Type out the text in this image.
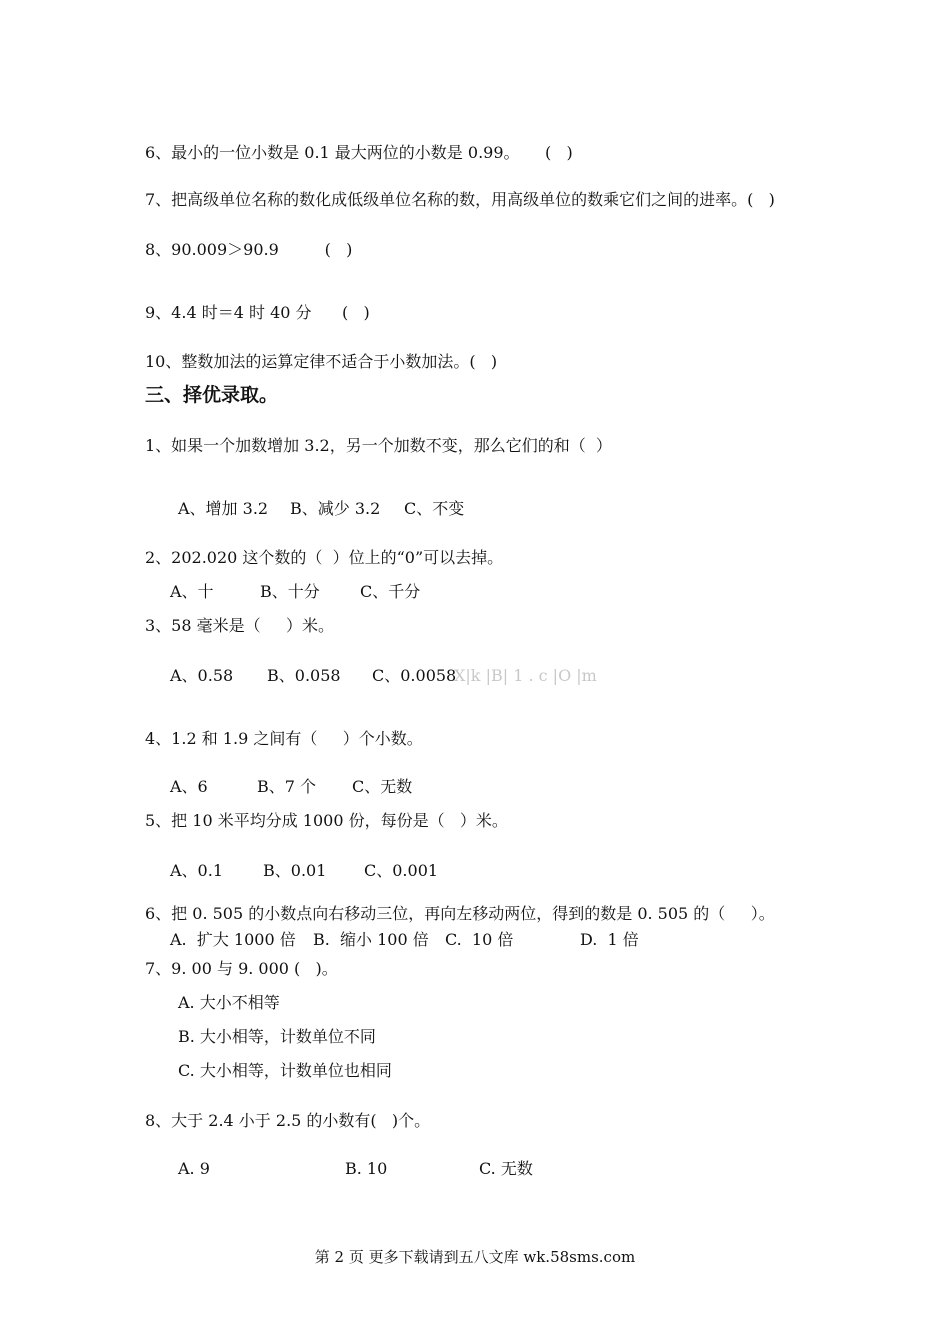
6、最小的一位小数是 0.1 最大两位的小数是 0.99。     (   )
7、把高级单位名称的数化成低级单位名称的数，用高级单位的数乘它们之间的进率。(   )
8、90.009＞90.9         (   )
9、4.4 时＝4 时 40 分      (   )
10、整数加法的运算定律不适合于小数加法。(   )
三、择优录取。
1、如果一个加数增加 3.2，另一个加数不变，那么它们的和（  ）
A、增加 3.2 B、减少 3.2 C、不变
2、202.020 这个数的（  ）位上的“0”可以去掉。
A、十	B、十分	C、千分
3、58 毫米是（     ）米。
A、0.58 B、0.058 C、0.0058
X|k |B| 1 . c |O |m
4、1.2 和 1.9 之间有（     ）个小数。
A、6	B、7 个 C、无数
5、把 10 米平均分成 1000 份，每份是（   ）米。
A、0.1 B、0.01 C、0.001
6、把 0. 505 的小数点向右移动三位，再向左移动两位，得到的数是 0. 505 的（     ）。
A.  扩大 1000 倍 B.  缩小 100 倍 C.  10 倍	D.  1 倍
7、9. 00 与 9. 000 (   )。
A. 大小不相等
B. 大小相等，计数单位不同
C. 大小相等，计数单位也相同
8、大于 2.4 小于 2.5 的小数有(   )个。
A. 9	B. 10	C. 无数
第 2 页 更多下载请到五八文库 wk.58sms.com
